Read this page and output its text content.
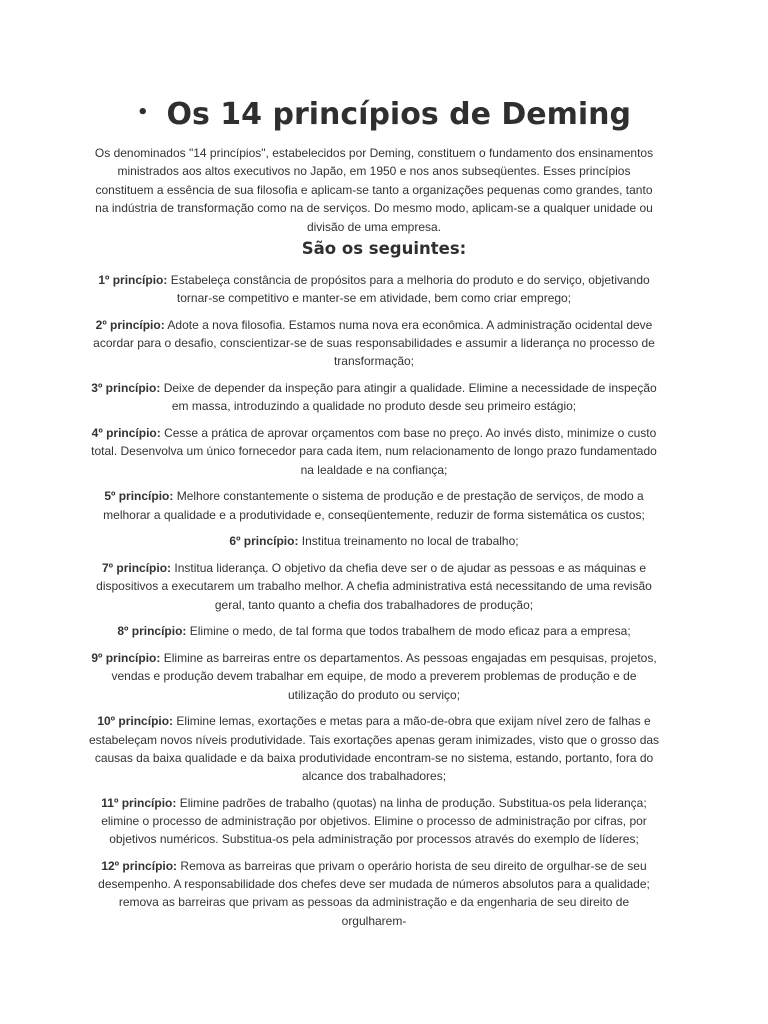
• Os 14 princípios de Deming

Os denominados "14 princípios", estabelecidos por Deming, constituem o fundamento dos ensinamentos ministrados aos altos executivos no Japão, em 1950 e nos anos subseqüentes. Esses princípios constituem a essência de sua filosofia e aplicam-se tanto a organizações pequenas como grandes, tanto na indústria de transformação como na de serviços. Do mesmo modo, aplicam-se a qualquer unidade ou divisão de uma empresa.

São os seguintes:

1º princípio: Estabeleça constância de propósitos para a melhoria do produto e do serviço, objetivando tornar-se competitivo e manter-se em atividade, bem como criar emprego;

2º princípio: Adote a nova filosofia. Estamos numa nova era econômica. A administração ocidental deve acordar para o desafio, conscientizar-se de suas responsabilidades e assumir a liderança no processo de transformação;

3º princípio: Deixe de depender da inspeção para atingir a qualidade. Elimine a necessidade de inspeção em massa, introduzindo a qualidade no produto desde seu primeiro estágio;

4º princípio: Cesse a prática de aprovar orçamentos com base no preço. Ao invés disto, minimize o custo total. Desenvolva um único fornecedor para cada item, num relacionamento de longo prazo fundamentado na lealdade e na confiança;

5º princípio: Melhore constantemente o sistema de produção e de prestação de serviços, de modo a melhorar a qualidade e a produtividade e, conseqüentemente, reduzir de forma sistemática os custos;

6º princípio: Institua treinamento no local de trabalho;

7º princípio: Institua liderança. O objetivo da chefia deve ser o de ajudar as pessoas e as máquinas e dispositivos a executarem um trabalho melhor. A chefia administrativa está necessitando de uma revisão geral, tanto quanto a chefia dos trabalhadores de produção;

8º princípio: Elimine o medo, de tal forma que todos trabalhem de modo eficaz para a empresa;

9º princípio: Elimine as barreiras entre os departamentos. As pessoas engajadas em pesquisas, projetos, vendas e produção devem trabalhar em equipe, de modo a preverem problemas de produção e de utilização do produto ou serviço;

10º princípio: Elimine lemas, exortações e metas para a mão-de-obra que exijam nível zero de falhas e estabeleçam novos níveis produtividade. Tais exortações apenas geram inimizades, visto que o grosso das causas da baixa qualidade e da baixa produtividade encontram-se no sistema, estando, portanto, fora do alcance dos trabalhadores;

11º princípio: Elimine padrões de trabalho (quotas) na linha de produção. Substitua-os pela liderança; elimine o processo de administração por objetivos. Elimine o processo de administração por cifras, por objetivos numéricos. Substitua-os pela administração por processos através do exemplo de líderes;

12º princípio: Remova as barreiras que privam o operário horista de seu direito de orgulhar-se de seu desempenho. A responsabilidade dos chefes deve ser mudada de números absolutos para a qualidade; remova as barreiras que privam as pessoas da administração e da engenharia de seu direito de orgulharem-
